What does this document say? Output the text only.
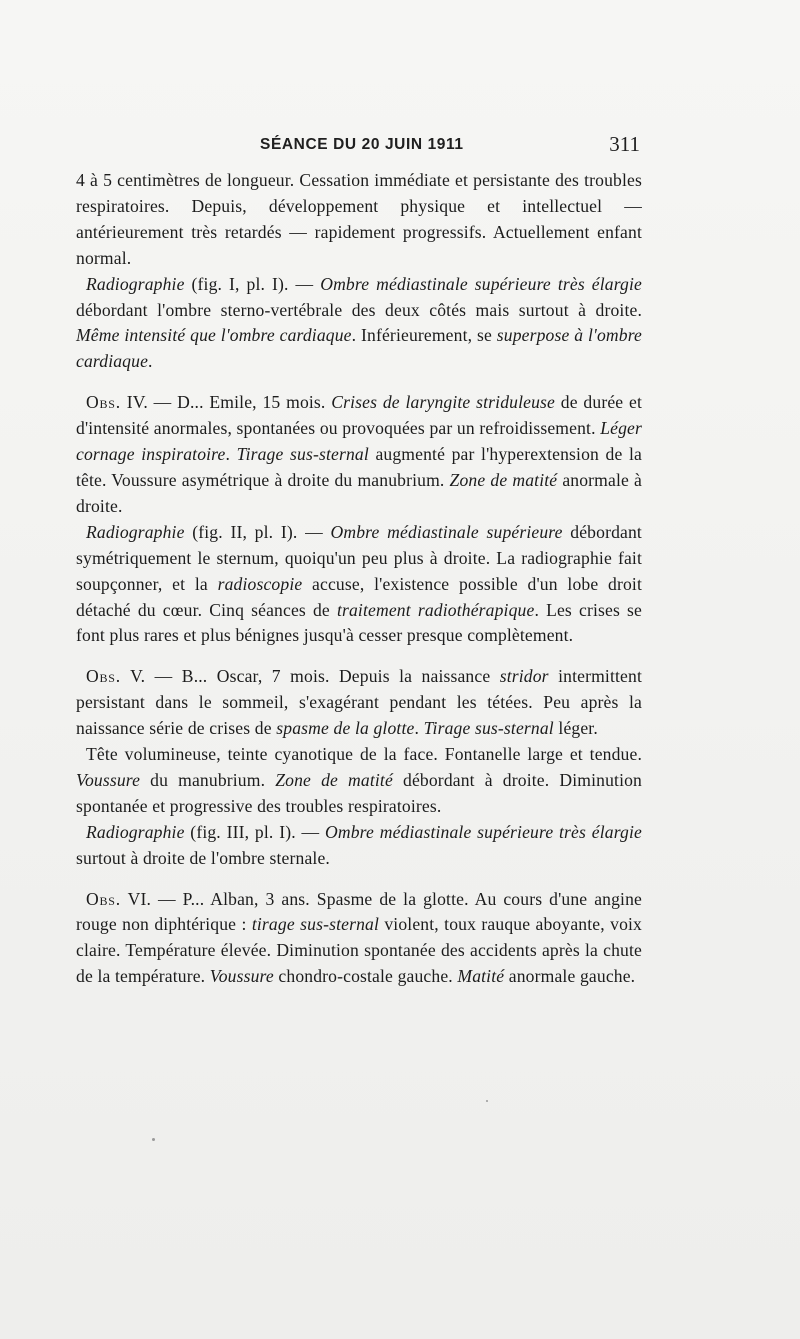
SÉANCE DU 20 JUIN 1911	311

4 à 5 centimètres de longueur. Cessation immédiate et persistante des troubles respiratoires. Depuis, développement physique et intellectuel — antérieurement très retardés — rapidement progressifs. Actuellement enfant normal.

Radiographie (fig. I, pl. I). — Ombre médiastinale supérieure très élargie débordant l'ombre sterno-vertébrale des deux côtés mais surtout à droite. Même intensité que l'ombre cardiaque. Inférieurement, se superpose à l'ombre cardiaque.

Obs. IV. — D... Emile, 15 mois. Crises de laryngite striduleuse de durée et d'intensité anormales, spontanées ou provoquées par un refroidissement. Léger cornage inspiratoire. Tirage sus-sternal augmenté par l'hyperextension de la tête. Voussure asymétrique à droite du manubrium. Zone de matité anormale à droite.

Radiographie (fig. II, pl. I). — Ombre médiastinale supérieure débordant symétriquement le sternum, quoiqu'un peu plus à droite. La radiographie fait soupçonner, et la radioscopie accuse, l'existence possible d'un lobe droit détaché du cœur. Cinq séances de traitement radiothérapique. Les crises se font plus rares et plus bénignes jusqu'à cesser presque complètement.

Obs. V. — B... Oscar, 7 mois. Depuis la naissance stridor intermittent persistant dans le sommeil, s'exagérant pendant les tétées. Peu après la naissance série de crises de spasme de la glotte. Tirage sus-sternal léger.

Tête volumineuse, teinte cyanotique de la face. Fontanelle large et tendue. Voussure du manubrium. Zone de matité débordant à droite. Diminution spontanée et progressive des troubles respiratoires.

Radiographie (fig. III, pl. I). — Ombre médiastinale supérieure très élargie surtout à droite de l'ombre sternale.

Obs. VI. — P... Alban, 3 ans. Spasme de la glotte. Au cours d'une angine rouge non diphtérique : tirage sus-sternal violent, toux rauque aboyante, voix claire. Température élevée. Diminution spontanée des accidents après la chute de la température. Voussure chondro-costale gauche. Matité anormale gauche.
